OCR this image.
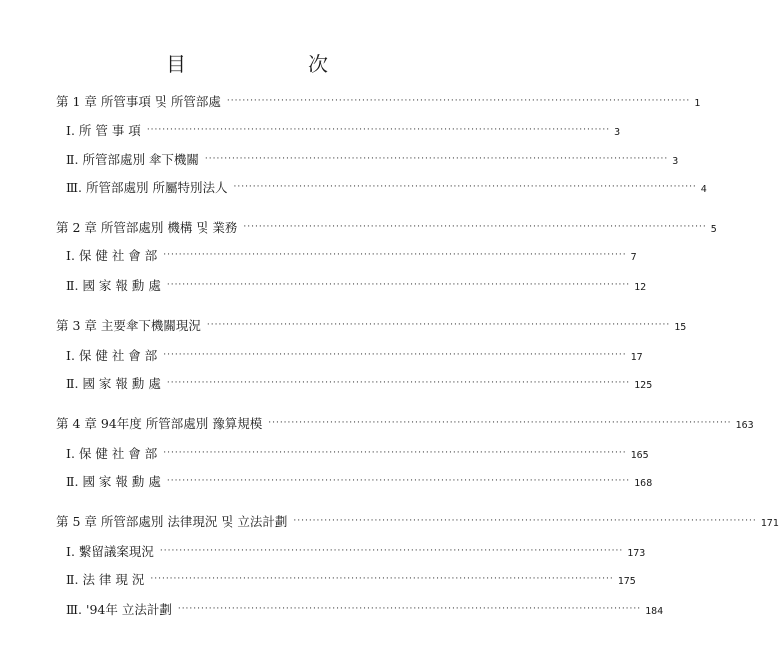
目	次
第 1 章 所管事項 및 所管部處 ························································································································ 1
Ⅰ. 所 管 事 項 ························································································································ 3
Ⅱ. 所管部處別 傘下機關 ························································································································ 3
Ⅲ. 所管部處別 所屬特別法人 ························································································································ 4
第 2 章 所管部處別 機構 및 業務 ························································································································ 5
Ⅰ. 保 健 社 會 部 ························································································································ 7
Ⅱ. 國 家 報 勳 處 ························································································································ 12
第 3 章 主要傘下機關現況 ························································································································ 15
Ⅰ. 保 健 社 會 部 ························································································································ 17
Ⅱ. 國 家 報 勳 處 ························································································································ 125
第 4 章 94年度 所管部處別 豫算規模 ························································································································ 163
Ⅰ. 保 健 社 會 部 ························································································································ 165
Ⅱ. 國 家 報 勳 處 ························································································································ 168
第 5 章 所管部處別 法律現況 및 立法計劃 ························································································································ 171
Ⅰ. 繫留議案現況 ························································································································ 173
Ⅱ. 法 律 現 況 ························································································································ 175
Ⅲ. '94年 立法計劃 ························································································································ 184
